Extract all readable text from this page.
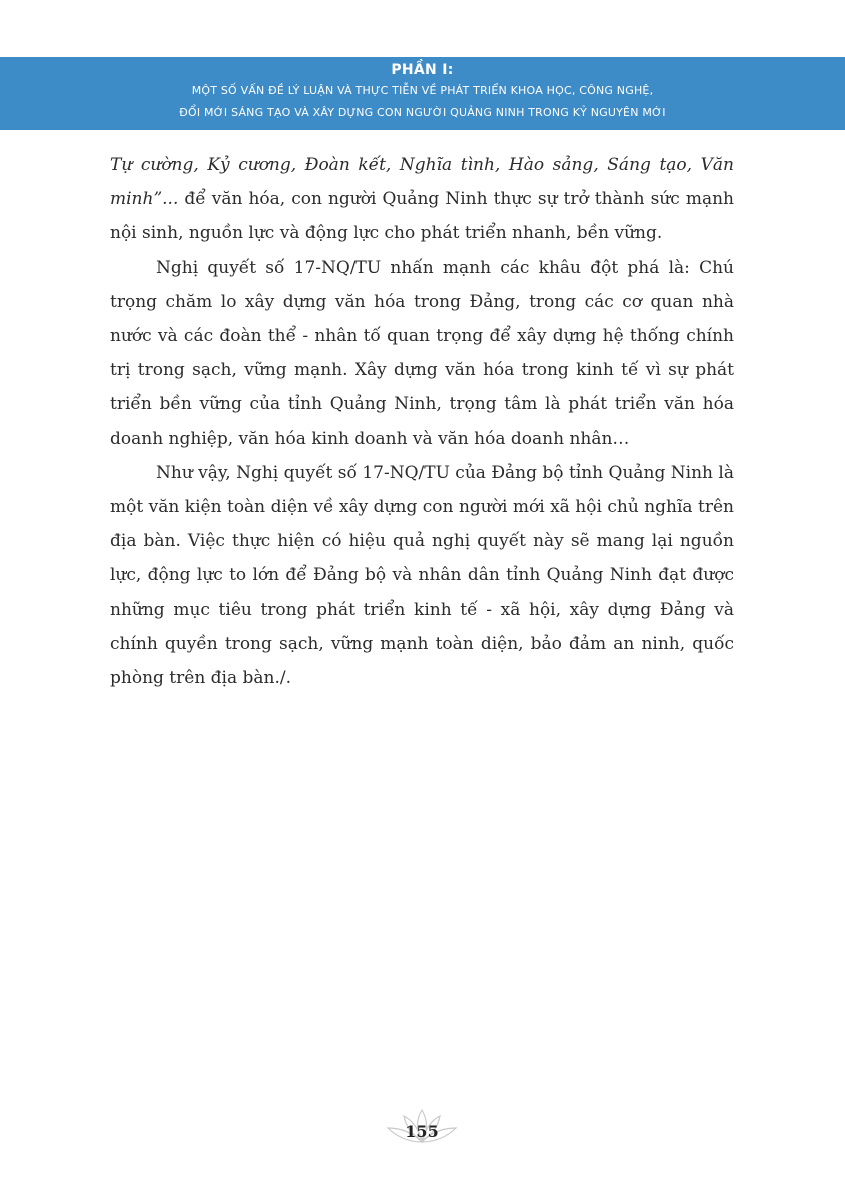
PHẦN I:
MỘT SỐ VẤN ĐỀ LÝ LUẬN VÀ THỰC TIỄN VỀ PHÁT TRIỂN KHOA HỌC, CÔNG NGHỆ,
ĐỔI MỚI SÁNG TẠO VÀ XÂY DỰNG CON NGƯỜI QUẢNG NINH TRONG KỶ NGUYÊN MỚI

Tự cường, Kỷ cương, Đoàn kết, Nghĩa tình, Hào sảng, Sáng tạo, Văn minh”... để văn hóa, con người Quảng Ninh thực sự trở thành sức mạnh nội sinh, nguồn lực và động lực cho phát triển nhanh, bền vững.

Nghị quyết số 17-NQ/TU nhấn mạnh các khâu đột phá là: Chú trọng chăm lo xây dựng văn hóa trong Đảng, trong các cơ quan nhà nước và các đoàn thể - nhân tố quan trọng để xây dựng hệ thống chính trị trong sạch, vững mạnh. Xây dựng văn hóa trong kinh tế vì sự phát triển bền vững của tỉnh Quảng Ninh, trọng tâm là phát triển văn hóa doanh nghiệp, văn hóa kinh doanh và văn hóa doanh nhân…

Như vậy, Nghị quyết số 17-NQ/TU của Đảng bộ tỉnh Quảng Ninh là một văn kiện toàn diện về xây dựng con người mới xã hội chủ nghĩa trên địa bàn. Việc thực hiện có hiệu quả nghị quyết này sẽ mang lại nguồn lực, động lực to lớn để Đảng bộ và nhân dân tỉnh Quảng Ninh đạt được những mục tiêu trong phát triển kinh tế - xã hội, xây dựng Đảng và chính quyền trong sạch, vững mạnh toàn diện, bảo đảm an ninh, quốc phòng trên địa bàn./.

155
